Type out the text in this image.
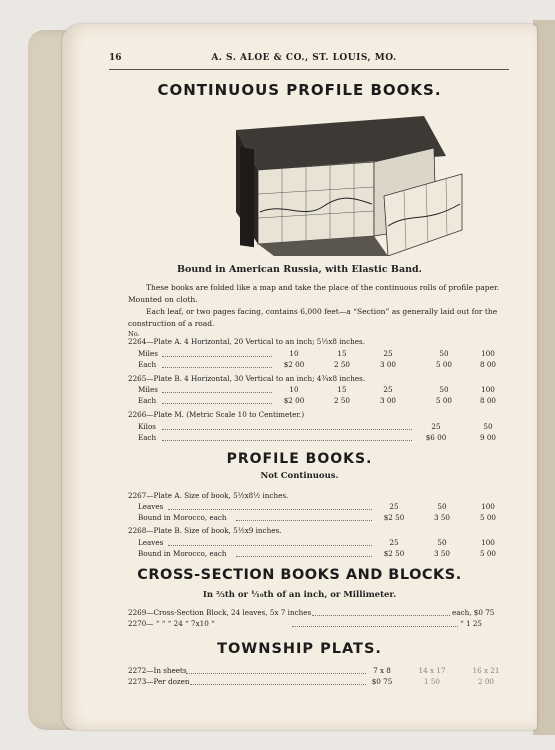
16	A. S. ALOE & CO., ST. LOUIS, MO.
CONTINUOUS PROFILE BOOKS.
Bound in American Russia, with Elastic Band.
These books are folded like a map and take the place of the continuous rolls of profile paper.
Mounted on cloth.
Each leaf, or two pages facing, contains 6,000 feet—a “Section” as generally laid out for the
construction of a road.
No.
2264—Plate A. 4 Horizontal, 20 Vertical to an inch; 5½x8 inches.
Miles	10	15	25	50	100
Each	$2 00	2 50	3 00	5 00	8 00
2265—Plate B. 4 Horizontal, 30 Vertical to an inch; 4¾x8 inches.
Miles	10	15	25	50	100
Each	$2 00	2 50	3 00	5 00	8 00
2266—Plate M. (Metric Scale 10 to Centimeter.)
Kilos	25	50
Each	$6 00	9 00
PROFILE BOOKS.
Not Continuous.
2267—Plate A. Size of book, 5½x8½ inches.
Leaves	25	50	100
Bound in Morocco, each	$2 50	3 50	5 00
2268—Plate B. Size of book, 5½x9 inches.
Leaves	25	50	100
Bound in Morocco, each	$2 50	3 50	5 00
CROSS-SECTION BOOKS AND BLOCKS.
In ⅔th or ¹⁄₁₀th of an inch, or Millimeter.
2269—Cross-Section Block, 24 leaves, 5x 7 inches	each, $0 75
2270— “ “ “ 24 “ 7x10 “	“ 1 25
TOWNSHIP PLATS.
2272—In sheets	7 x 8	14 x 17	16 x 21
2273—Per dozen	$0 75	1 50	2 00
